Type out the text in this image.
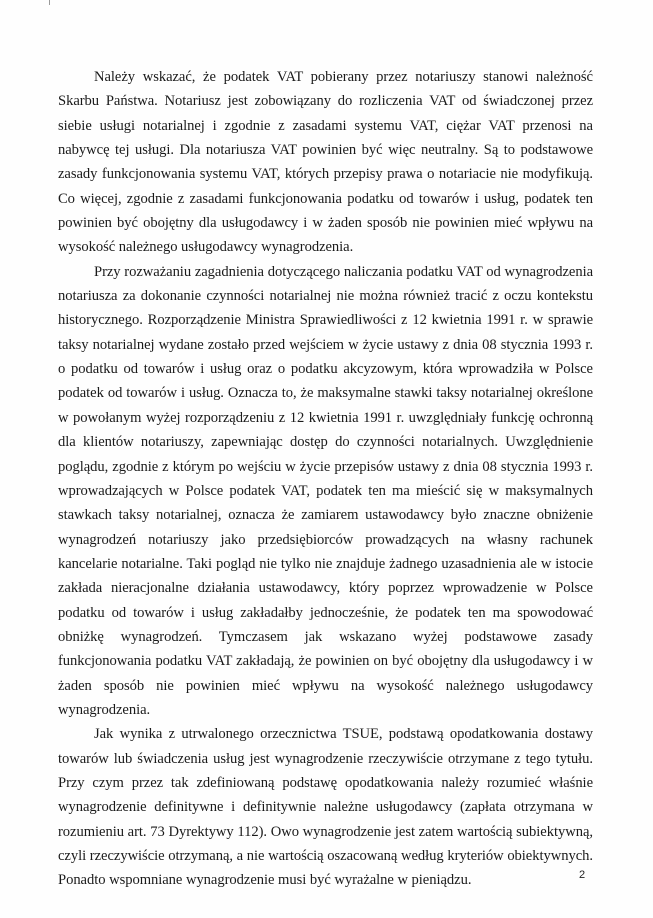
Należy wskazać, że podatek VAT pobierany przez notariuszy stanowi należność Skarbu Państwa. Notariusz jest zobowiązany do rozliczenia VAT od świadczonej przez siebie usługi notarialnej i zgodnie z zasadami systemu VAT, ciężar VAT przenosi na nabywcę tej usługi. Dla notariusza VAT powinien być więc neutralny. Są to podstawowe zasady funkcjonowania systemu VAT, których przepisy prawa o notariacie nie modyfikują. Co więcej, zgodnie z zasadami funkcjonowania podatku od towarów i usług, podatek ten powinien być obojętny dla usługodawcy i w żaden sposób nie powinien mieć wpływu na wysokość należnego usługodawcy wynagrodzenia.

Przy rozważaniu zagadnienia dotyczącego naliczania podatku VAT od wynagrodzenia notariusza za dokonanie czynności notarialnej nie można również tracić z oczu kontekstu historycznego. Rozporządzenie Ministra Sprawiedliwości z 12 kwietnia 1991 r. w sprawie taksy notarialnej wydane zostało przed wejściem w życie ustawy z dnia 08 stycznia 1993 r. o podatku od towarów i usług oraz o podatku akcyzowym, która wprowadziła w Polsce podatek od towarów i usług. Oznacza to, że maksymalne stawki taksy notarialnej określone w powołanym wyżej rozporządzeniu z 12 kwietnia 1991 r. uwzględniały funkcję ochronną dla klientów notariuszy, zapewniając dostęp do czynności notarialnych. Uwzględnienie poglądu, zgodnie z którym po wejściu w życie przepisów ustawy z dnia 08 stycznia 1993 r. wprowadzających w Polsce podatek VAT, podatek ten ma mieścić się w maksymalnych stawkach taksy notarialnej, oznacza że zamiarem ustawodawcy było znaczne obniżenie wynagrodzeń notariuszy jako przedsiębiorców prowadzących na własny rachunek kancelarie notarialne. Taki pogląd nie tylko nie znajduje żadnego uzasadnienia ale w istocie zakłada nieracjonalne działania ustawodawcy, który poprzez wprowadzenie w Polsce podatku od towarów i usług zakładałby jednocześnie, że podatek ten ma spowodować obniżkę wynagrodzeń. Tymczasem jak wskazano wyżej podstawowe zasady funkcjonowania podatku VAT zakładają, że powinien on być obojętny dla usługodawcy i w żaden sposób nie powinien mieć wpływu na wysokość należnego usługodawcy wynagrodzenia.

Jak wynika z utrwalonego orzecznictwa TSUE, podstawą opodatkowania dostawy towarów lub świadczenia usług jest wynagrodzenie rzeczywiście otrzymane z tego tytułu. Przy czym przez tak zdefiniowaną podstawę opodatkowania należy rozumieć właśnie wynagrodzenie definitywne i definitywnie należne usługodawcy (zapłata otrzymana w rozumieniu art. 73 Dyrektywy 112). Owo wynagrodzenie jest zatem wartością subiektywną, czyli rzeczywiście otrzymaną, a nie wartością oszacowaną według kryteriów obiektywnych. Ponadto wspomniane wynagrodzenie musi być wyrażalne w pieniądzu.	2
